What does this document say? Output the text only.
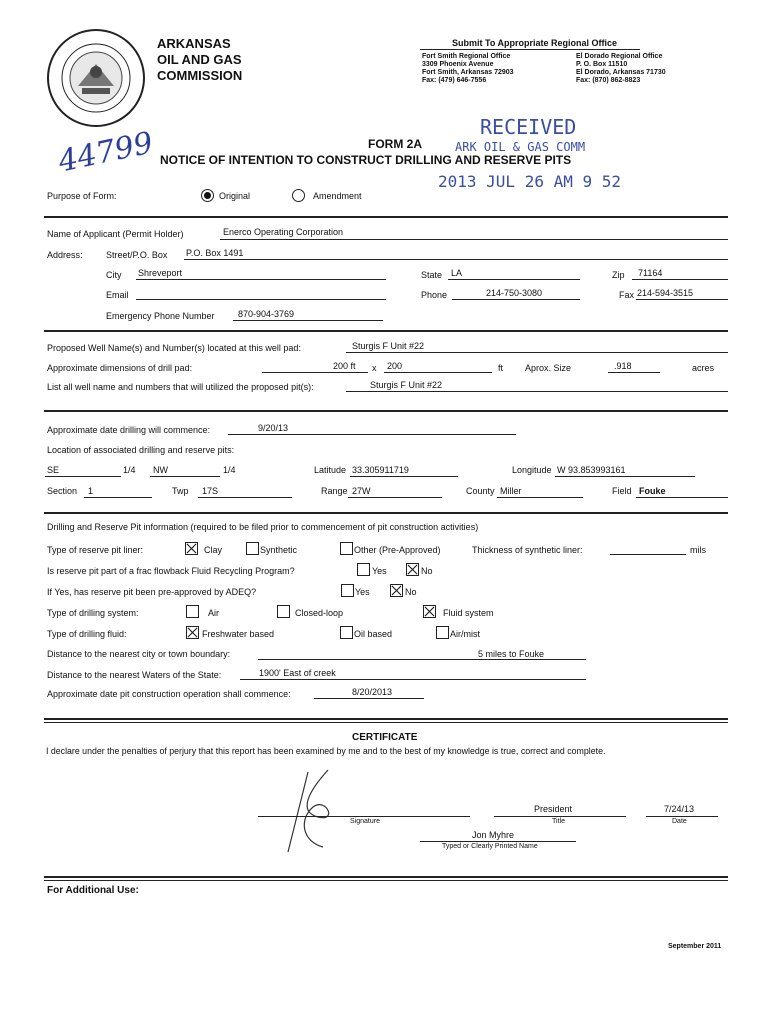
ARKANSAS
OIL AND GAS
COMMISSION
Submit To Appropriate Regional Office
Fort Smith Regional Office
3309 Phoenix Avenue
Fort Smith, Arkansas 72903
Fax: (479) 646-7556
El Dorado Regional Office
P. O. Box 11510
El Dorado, Arkansas 71730
Fax: (870) 862-8823
RECEIVED
ARK OIL & GAS COMM
2013 JUL 26 AM 9 52
44799	FORM 2A
NOTICE OF INTENTION TO CONSTRUCT DRILLING AND RESERVE PITS
Purpose of Form:	Original	Amendment
Name of Applicant (Permit Holder)	Enerco Operating Corporation
Address:	Street/P.O. Box P.O. Box 1491
City Shreveport	State LA	Zip 71164
Email	Phone	214-750-3080	Fax 214-594-3515
Emergency Phone Number	870-904-3769
Proposed Well Name(s) and Number(s) located at this well pad:	Sturgis F Unit #22
Approximate dimensions of drill pad:	200 ft x 200	ft Aprox. Size	.918	acres
List all well name and numbers that will utilized the proposed pit(s):	Sturgis F Unit #22
Approximate date drilling will commence:	9/20/13
Location of associated drilling and reserve pits:
SE	1/4 NW	1/4	Latitude 33.305911719	Longitude W 93.853993161
Section 1	Twp 17S	Range 27W	County Miller	Field Fouke
Drilling and Reserve Pit information (required to be filed prior to commencement of pit construction activities)
Type of reserve pit liner:	Clay	Synthetic	Other (Pre-Approved)	Thickness of synthetic liner:	mils
Is reserve pit part of a frac flowback Fluid Recycling Program?	Yes	No
If Yes, has reserve pit been pre-approved by ADEQ?	Yes	No
Type of drilling system:	Air	Closed-loop	Fluid system
Type of drilling fluid:	Freshwater based	Oil based	Air/mist
Distance to the nearest city or town boundary:	5 miles to Fouke
Distance to the nearest Waters of the State:	1900' East of creek
Approximate date pit construction operation shall commence:	8/20/2013
CERTIFICATE
I declare under the penalties of perjury that this report has been examined by me and to the best of my knowledge is true, correct and complete.
Signature
President
Title
7/24/13
Date
Jon Myhre
Typed or Clearly Printed Name
For Additional Use:
September 2011
